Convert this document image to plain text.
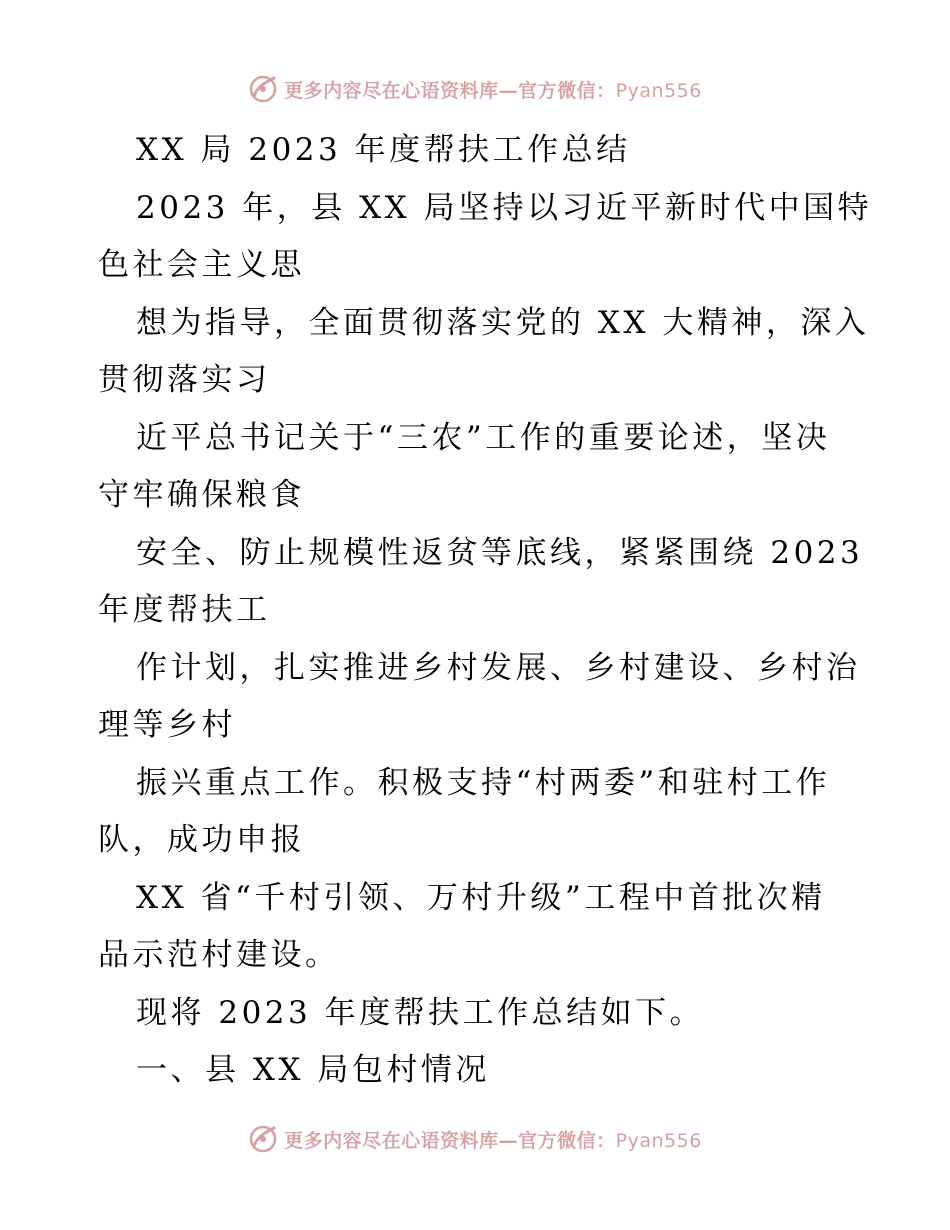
更多内容尽在心语资料库—官方微信：Pyan556
XX 局 2023 年度帮扶工作总结
2023 年，县 XX 局坚持以习近平新时代中国特
色社会主义思
想为指导，全面贯彻落实党的 XX 大精神，深入
贯彻落实习
近平总书记关于“三农”工作的重要论述，坚决
守牢确保粮食
安全、防止规模性返贫等底线，紧紧围绕 2023
年度帮扶工
作计划，扎实推进乡村发展、乡村建设、乡村治
理等乡村
振兴重点工作。积极支持“村两委”和驻村工作
队，成功申报
XX 省“千村引领、万村升级”工程中首批次精
品示范村建设。
现将 2023 年度帮扶工作总结如下。
一、县 XX 局包村情况
更多内容尽在心语资料库—官方微信：Pyan556
